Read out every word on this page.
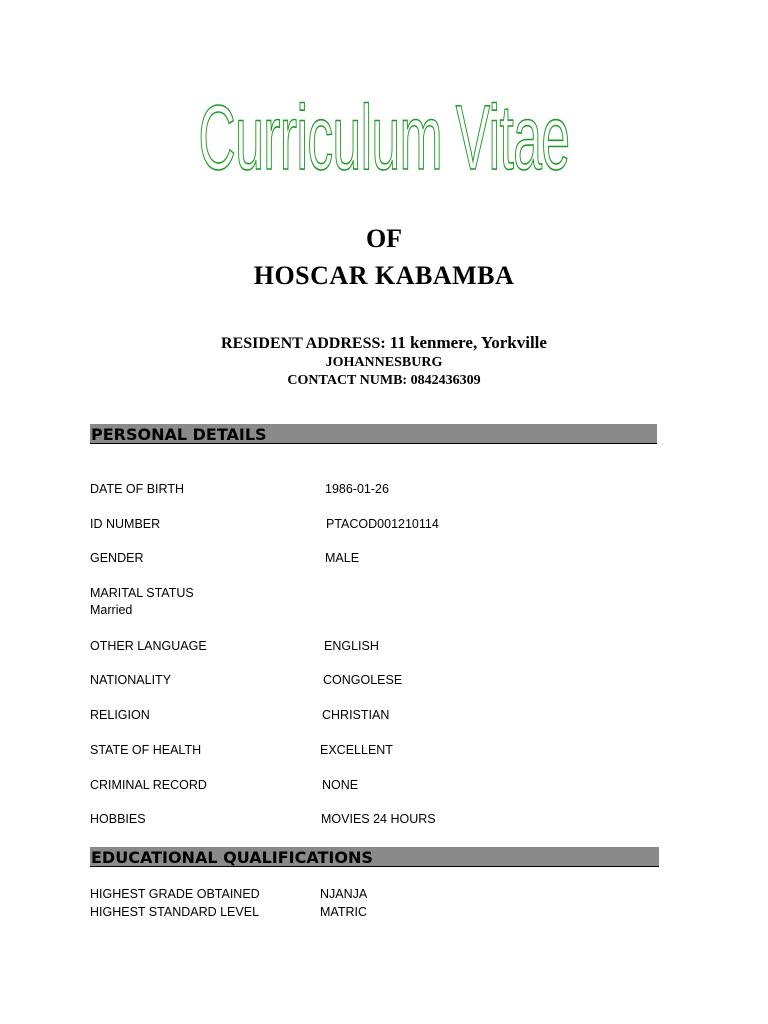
Curriculum Vitae
OF
HOSCAR KABAMBA
RESIDENT ADDRESS: 11 kenmere, Yorkville
JOHANNESBURG
CONTACT NUMB: 0842436309
PERSONAL DETAILS
DATE OF BIRTH	1986-01-26
ID NUMBER	PTACOD001210114
GENDER	MALE
MARITAL STATUS
Married
OTHER LANGUAGE	ENGLISH
NATIONALITY	CONGOLESE
RELIGION	CHRISTIAN
STATE OF HEALTH	EXCELLENT
CRIMINAL RECORD	NONE
HOBBIES	MOVIES 24 HOURS
EDUCATIONAL QUALIFICATIONS
HIGHEST GRADE OBTAINED	NJANJA
HIGHEST STANDARD LEVEL	MATRIC
